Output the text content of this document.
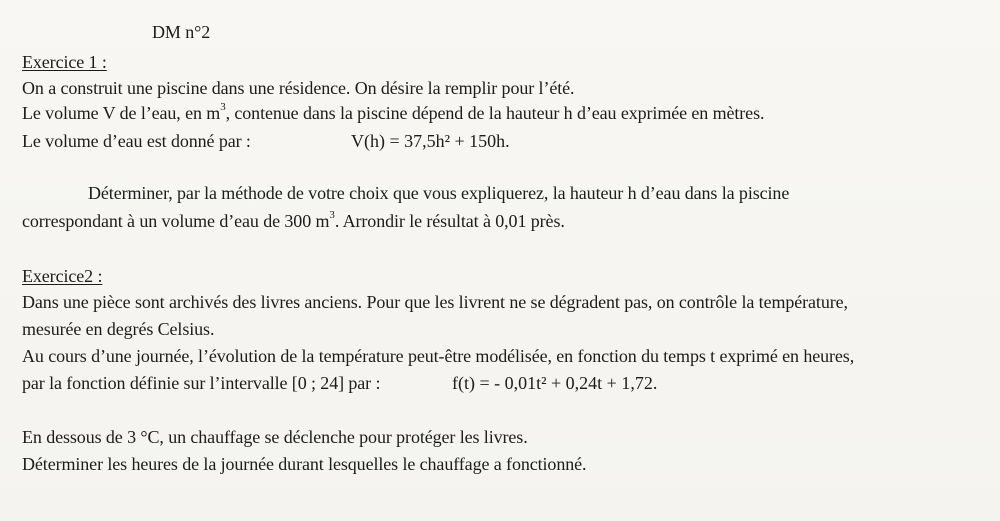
DM n°2
Exercice 1 :
On a construit une piscine dans une résidence. On désire la remplir pour l’été.
Le volume V de l’eau, en $m^3$, contenue dans la piscine dépend de la hauteur h d’eau exprimée en mètres.
Le volume d’eau est donné par :	V(h) = 37,5h² + 150h.
Déterminer, par la méthode de votre choix que vous expliquerez, la hauteur h d’eau dans la piscine
correspondant à un volume d’eau de 300 $m^3$. Arrondir le résultat à 0,01 près.
Exercice2 :
Dans une pièce sont archivés des livres anciens. Pour que les livrent ne se dégradent pas, on contrôle la température,
mesurée en degrés Celsius.
Au cours d’une journée, l’évolution de la température peut-être modélisée, en fonction du temps t exprimé en heures,
par la fonction définie sur l’intervalle [0 ; 24] par :	f(t) = - 0,01t² + 0,24t + 1,72.
En dessous de 3 °C, un chauffage se déclenche pour protéger les livres.
Déterminer les heures de la journée durant lesquelles le chauffage a fonctionné.
